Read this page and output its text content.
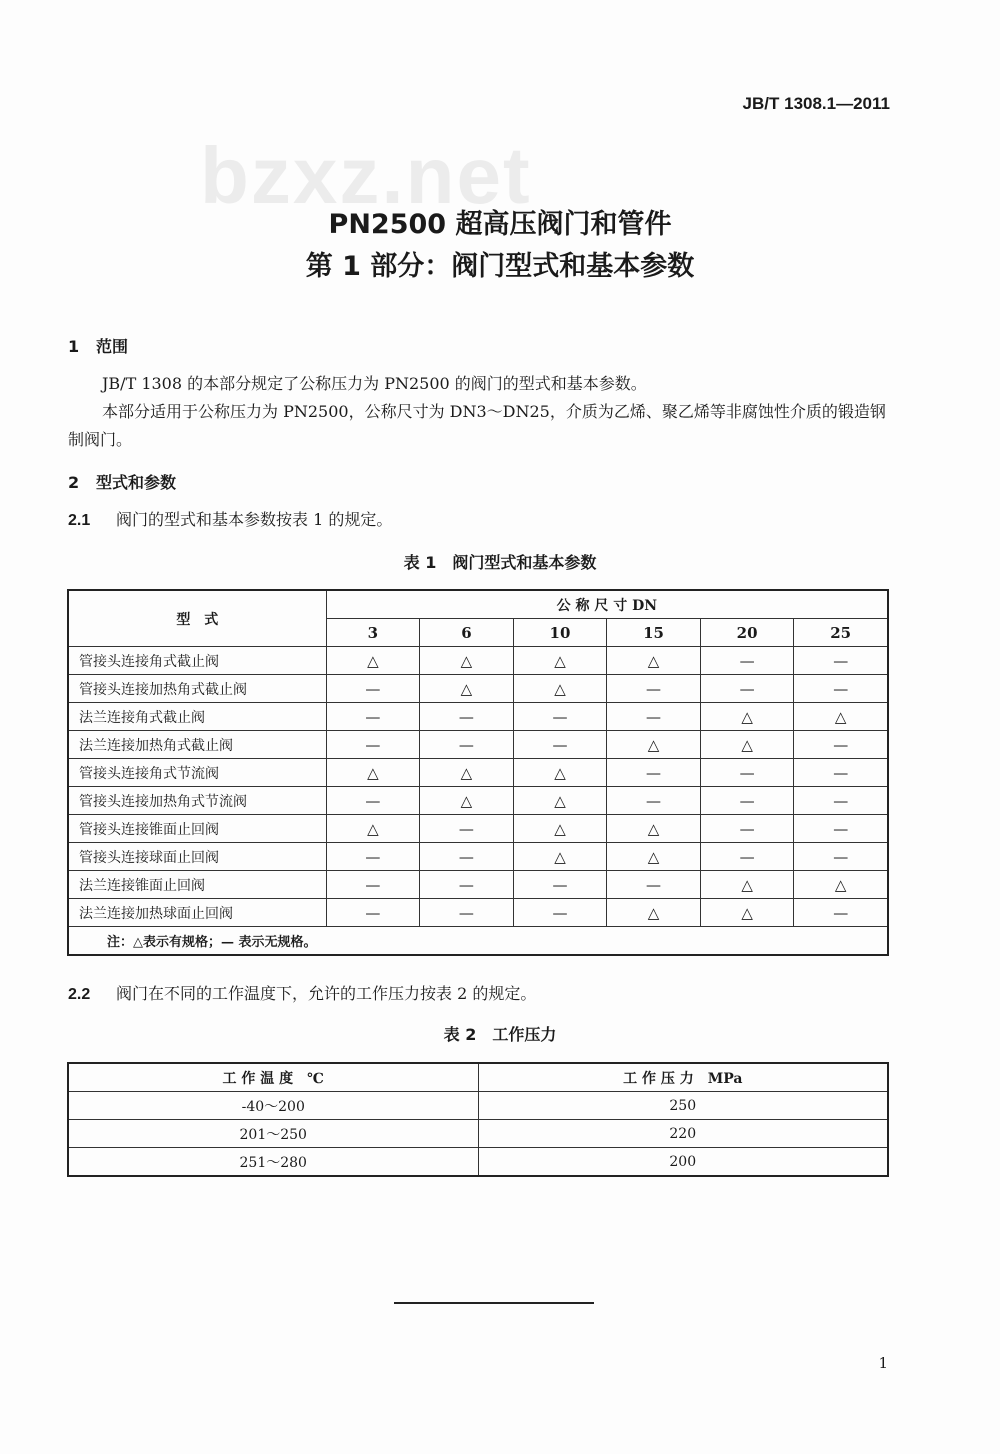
bzxz.net
JB/T 1308.1—2011
PN2500 超高压阀门和管件
第 1 部分：阀门型式和基本参数
1 范围
JB/T 1308 的本部分规定了公称压力为 PN2500 的阀门的型式和基本参数。
本部分适用于公称压力为 PN2500，公称尺寸为 DN3～DN25，介质为乙烯、聚乙烯等非腐蚀性介质的锻造钢制阀门。
2 型式和参数
2.1 阀门的型式和基本参数按表 1 的规定。
表 1　 阀门型式和基本参数
型　式	公 称 尺 寸 DN					
	3	6	10	15	20	25
管接头连接角式截止阀	△	△	△	△	—	—
管接头连接加热角式截止阀	—	△	△	—	—	—
法兰连接角式截止阀	—	—	—	—	△	△
法兰连接加热角式截止阀	—	—	—	△	△	—
管接头连接角式节流阀	△	△	△	—	—	—
管接头连接加热角式节流阀	—	△	△	—	—	—
管接头连接锥面止回阀	△	—	△	△	—	—
管接头连接球面止回阀	—	—	△	△	—	—
法兰连接锥面止回阀	—	—	—	—	△	△
法兰连接加热球面止回阀	—	—	—	△	△	—
注：△表示有规格；— 表示无规格。						
2.2 阀门在不同的工作温度下，允许的工作压力按表 2 的规定。
表 2　 工作压力
工 作 温 度　℃	工 作 压 力　MPa
-40～200	250
201～250	220
251～280	200
1
